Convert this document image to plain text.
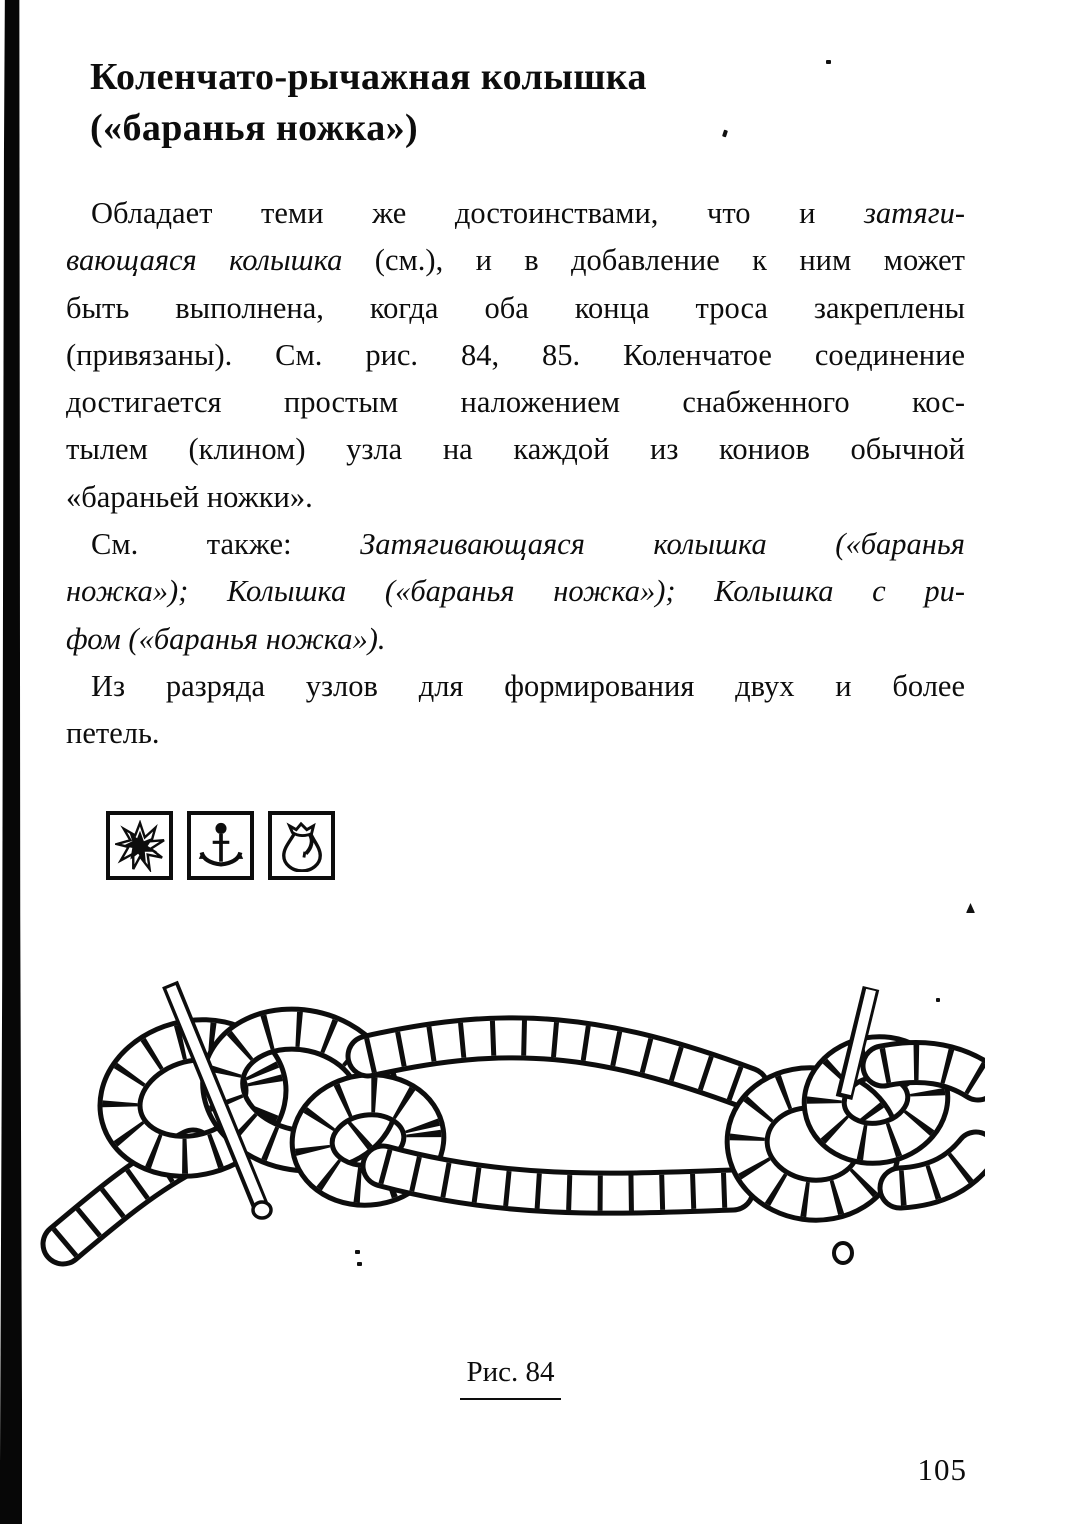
Коленчато-рычажная колышка
(«баранья ножка»)
Обладает теми же достоинствами, что и затяги-
вающаяся колышка (см.), и в добавление к ним может
быть выполнена, когда оба конца троса закреплены
(привязаны). См. рис. 84, 85. Коленчатое соединение
достигается простым наложением снабженного кос-
тылем (клином) узла на каждой из кониов обычной
«бараньей ножки».
См. также: Затягивающаяся колышка («баранья
ножка»); Колышка («баранья ножка»); Колышка с ри-
фом («баранья ножка»).
Из разряда узлов для формирования двух и более
петель.
Рис. 84
105
